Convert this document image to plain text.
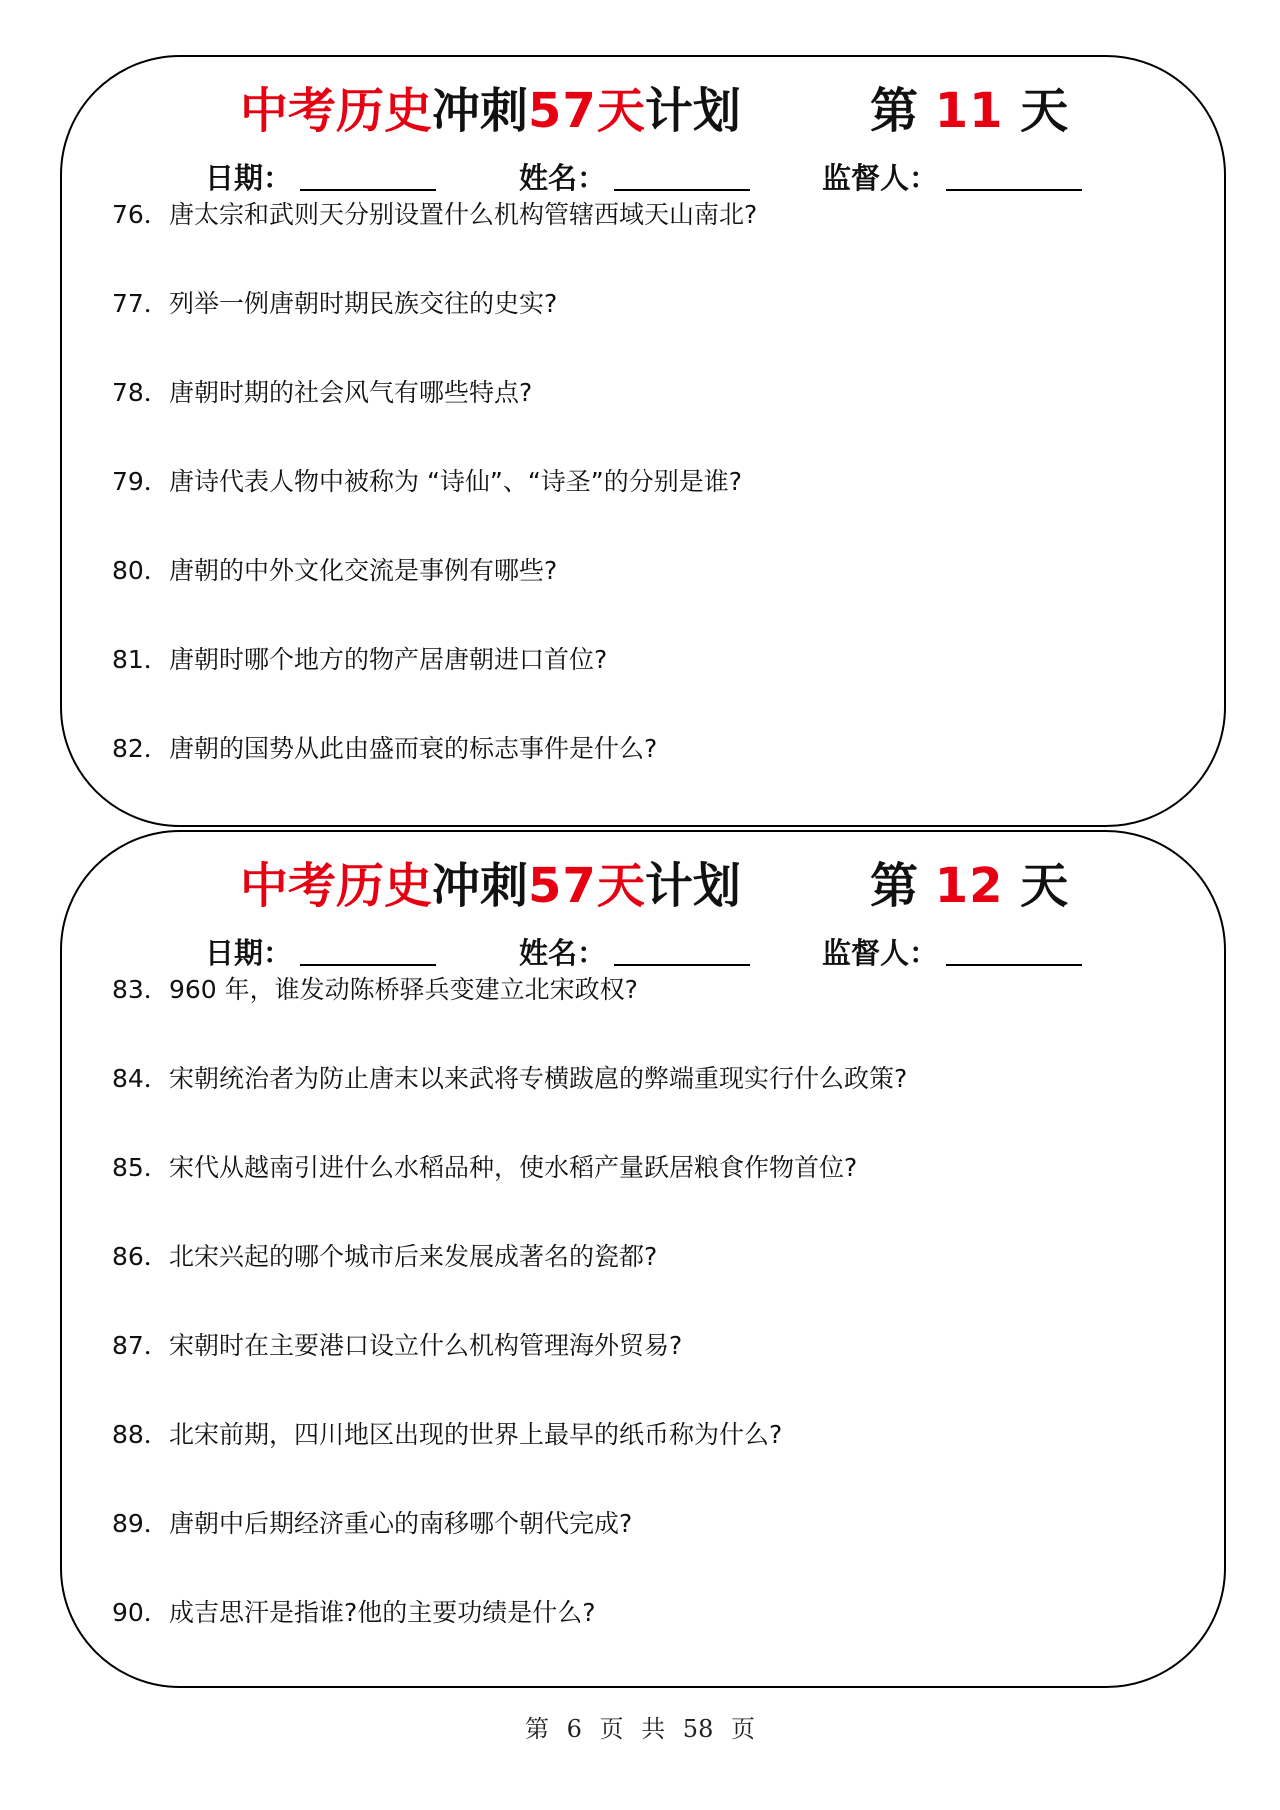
中考历史冲刺57天计划	第 11 天
日期：	姓名：	监督人：
76．唐太宗和武则天分别设置什么机构管辖西域天山南北?
77．列举一例唐朝时期民族交往的史实?
78．唐朝时期的社会风气有哪些特点?
79．唐诗代表人物中被称为 “诗仙”、“诗圣”的分别是谁?
80．唐朝的中外文化交流是事例有哪些?
81．唐朝时哪个地方的物产居唐朝进口首位?
82．唐朝的国势从此由盛而衰的标志事件是什么?
中考历史冲刺57天计划	第 12 天
日期：	姓名：	监督人：
83．960 年，谁发动陈桥驿兵变建立北宋政权?
84．宋朝统治者为防止唐末以来武将专横跋扈的弊端重现实行什么政策?
85．宋代从越南引进什么水稻品种，使水稻产量跃居粮食作物首位?
86．北宋兴起的哪个城市后来发展成著名的瓷都?
87．宋朝时在主要港口设立什么机构管理海外贸易?
88．北宋前期，四川地区出现的世界上最早的纸币称为什么?
89．唐朝中后期经济重心的南移哪个朝代完成?
90．成吉思汗是指谁?他的主要功绩是什么?
第 6 页 共 58 页
